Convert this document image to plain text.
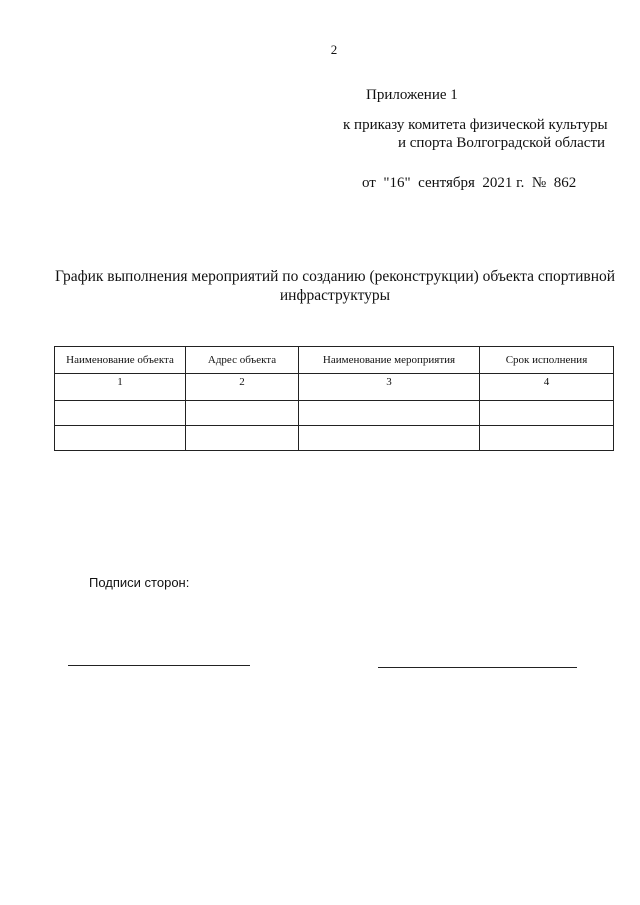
2
Приложение 1
к приказу комитета физической культуры
и спорта Волгоградской области
от  "16"  сентября  2021 г.  №  862
График выполнения мероприятий по созданию (реконструкции) объекта спортивной инфраструктуры
Наименование объекта	Адрес объекта	Наименование мероприятия	Срок исполнения
1	2	3	4

Подписи сторон:
